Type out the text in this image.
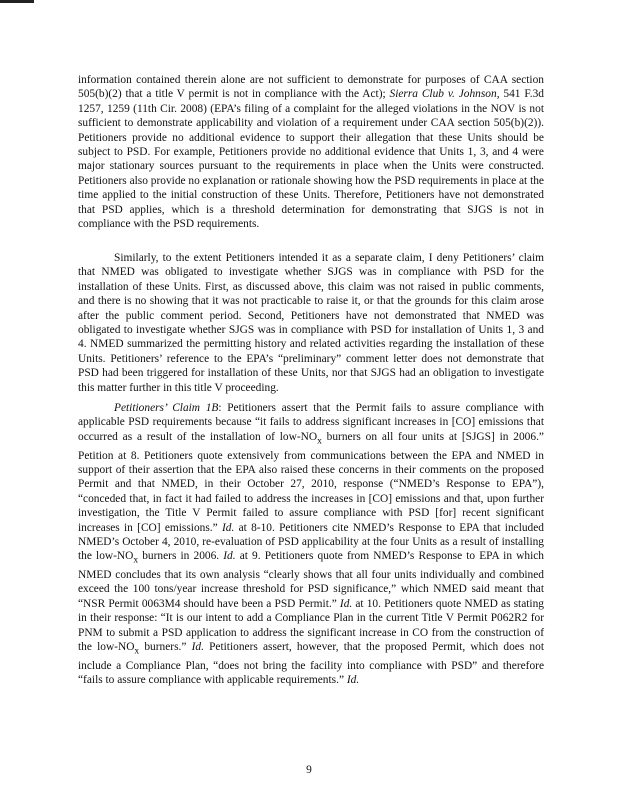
information contained therein alone are not sufficient to demonstrate for purposes of CAA section 505(b)(2) that a title V permit is not in compliance with the Act); Sierra Club v. Johnson, 541 F.3d 1257, 1259 (11th Cir. 2008) (EPA’s filing of a complaint for the alleged violations in the NOV is not sufficient to demonstrate applicability and violation of a requirement under CAA section 505(b)(2)). Petitioners provide no additional evidence to support their allegation that these Units should be subject to PSD. For example, Petitioners provide no additional evidence that Units 1, 3, and 4 were major stationary sources pursuant to the requirements in place when the Units were constructed. Petitioners also provide no explanation or rationale showing how the PSD requirements in place at the time applied to the initial construction of these Units. Therefore, Petitioners have not demonstrated that PSD applies, which is a threshold determination for demonstrating that SJGS is not in compliance with the PSD requirements.

Similarly, to the extent Petitioners intended it as a separate claim, I deny Petitioners’ claim that NMED was obligated to investigate whether SJGS was in compliance with PSD for the installation of these Units. First, as discussed above, this claim was not raised in public comments, and there is no showing that it was not practicable to raise it, or that the grounds for this claim arose after the public comment period. Second, Petitioners have not demonstrated that NMED was obligated to investigate whether SJGS was in compliance with PSD for installation of Units 1, 3 and 4. NMED summarized the permitting history and related activities regarding the installation of these Units. Petitioners’ reference to the EPA’s “preliminary” comment letter does not demonstrate that PSD had been triggered for installation of these Units, nor that SJGS had an obligation to investigate this matter further in this title V proceeding.

Petitioners’ Claim 1B: Petitioners assert that the Permit fails to assure compliance with applicable PSD requirements because “it fails to address significant increases in [CO] emissions that occurred as a result of the installation of low-$NO_x$ burners on all four units at [SJGS] in 2006.” Petition at 8. Petitioners quote extensively from communications between the EPA and NMED in support of their assertion that the EPA also raised these concerns in their comments on the proposed Permit and that NMED, in their October 27, 2010, response (“NMED’s Response to EPA”), “conceded that, in fact it had failed to address the increases in [CO] emissions and that, upon further investigation, the Title V Permit failed to assure compliance with PSD [for] recent significant increases in [CO] emissions.” Id. at 8-10. Petitioners cite NMED’s Response to EPA that included NMED’s October 4, 2010, re-evaluation of PSD applicability at the four Units as a result of installing the low-$NO_x$ burners in 2006. Id. at 9. Petitioners quote from NMED’s Response to EPA in which NMED concludes that its own analysis “clearly shows that all four units individually and combined exceed the 100 tons/year increase threshold for PSD significance,” which NMED said meant that “NSR Permit 0063M4 should have been a PSD Permit.” Id. at 10. Petitioners quote NMED as stating in their response: “It is our intent to add a Compliance Plan in the current Title V Permit P062R2 for PNM to submit a PSD application to address the significant increase in CO from the construction of the low-$NO_x$ burners.” Id. Petitioners assert, however, that the proposed Permit, which does not include a Compliance Plan, “does not bring the facility into compliance with PSD” and therefore “fails to assure compliance with applicable requirements.” Id.

9
